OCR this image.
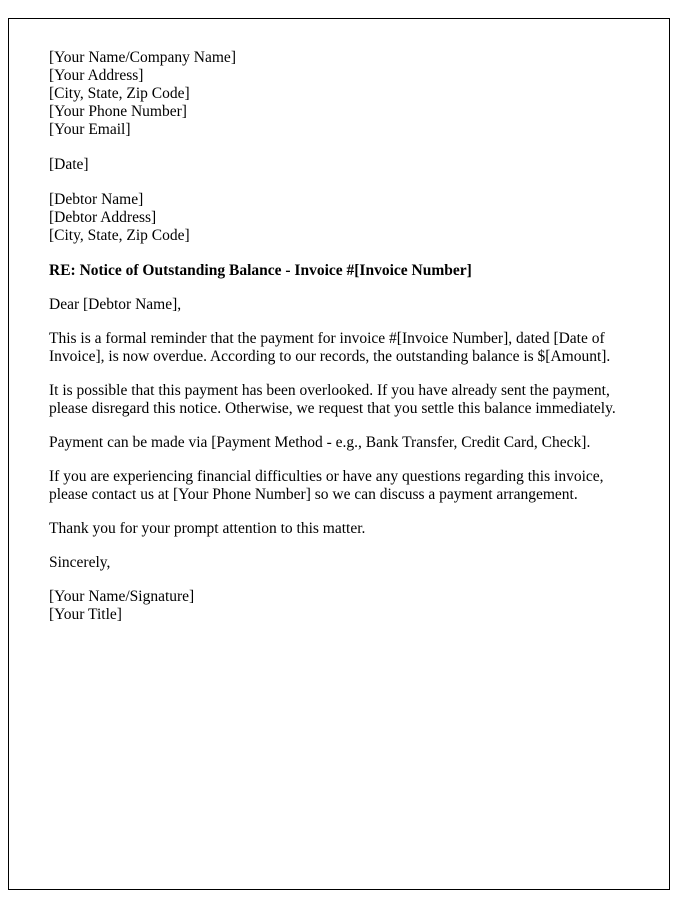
[Your Name/Company Name]

[Your Address]

[City, State, Zip Code]

[Your Phone Number]

[Your Email]

[Date]

[Debtor Name]

[Debtor Address]

[City, State, Zip Code]

RE: Notice of Outstanding Balance - Invoice #[Invoice Number]

Dear [Debtor Name],

This is a formal reminder that the payment for invoice #[Invoice Number], dated [Date of Invoice], is now overdue. According to our records, the outstanding balance is $[Amount].

It is possible that this payment has been overlooked. If you have already sent the payment, please disregard this notice. Otherwise, we request that you settle this balance immediately.

Payment can be made via [Payment Method - e.g., Bank Transfer, Credit Card, Check].

If you are experiencing financial difficulties or have any questions regarding this invoice, please contact us at [Your Phone Number] so we can discuss a payment arrangement.

Thank you for your prompt attention to this matter.

Sincerely,

[Your Name/Signature]

[Your Title]
